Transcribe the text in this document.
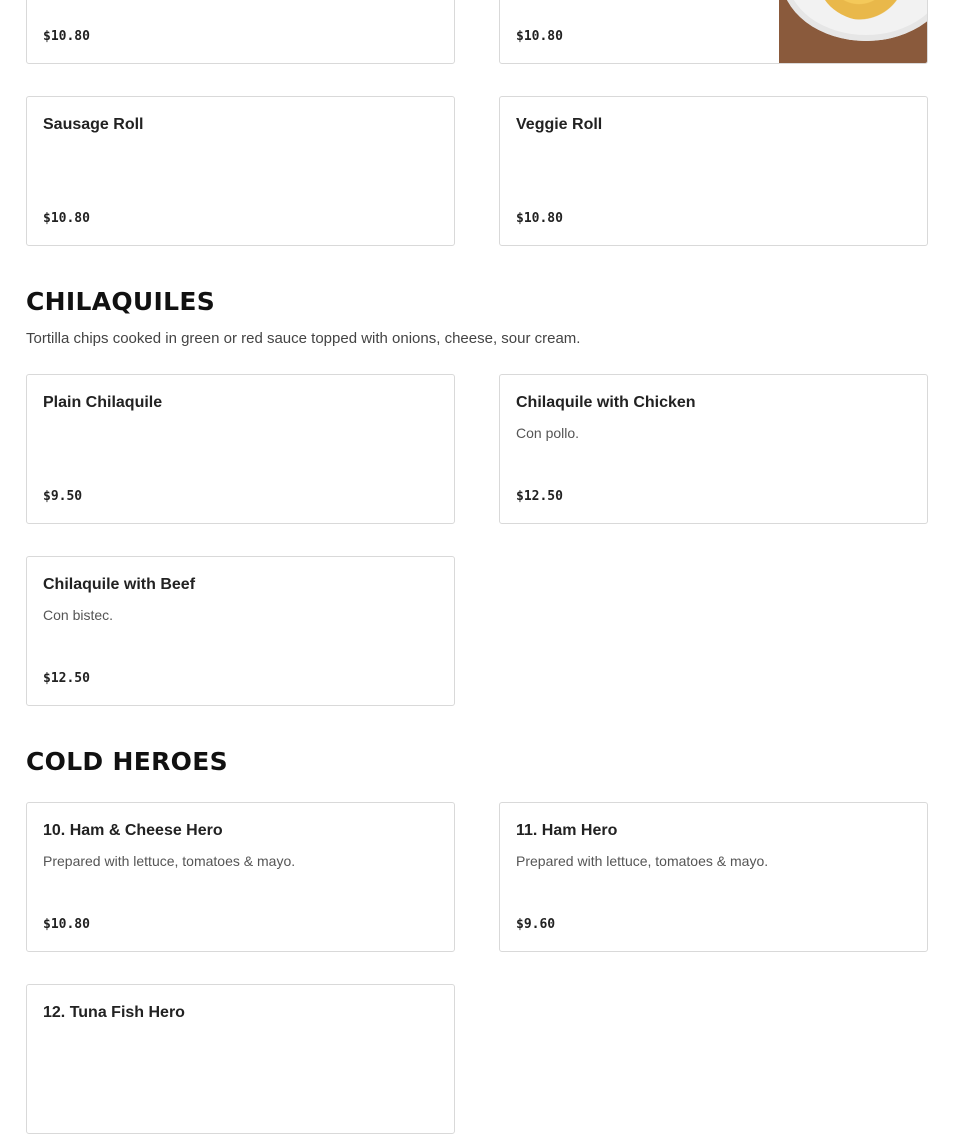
$10.80	$10.80
Sausage Roll
$10.80
Veggie Roll
$10.80
CHILAQUILES

Tortilla chips cooked in green or red sauce topped with onions, cheese, sour cream.

Plain Chilaquile
$9.50
Chilaquile with Chicken
Con pollo.
$12.50
Chilaquile with Beef
Con bistec.
$12.50
COLD HEROES
10. Ham & Cheese Hero
Prepared with lettuce, tomatoes & mayo.
$10.80
11. Ham Hero
Prepared with lettuce, tomatoes & mayo.
$9.60
12. Tuna Fish Hero
